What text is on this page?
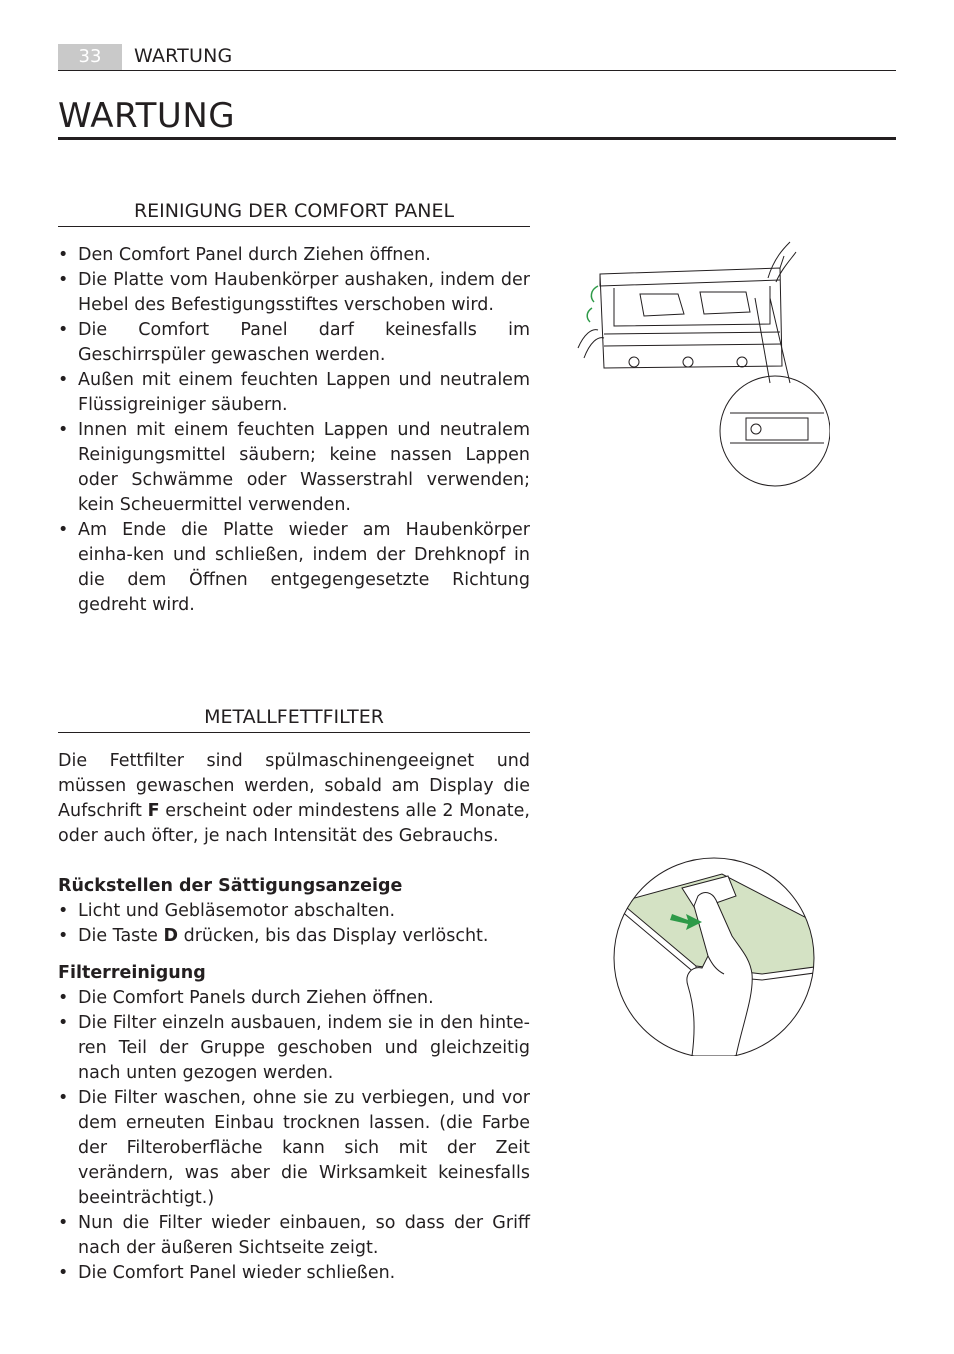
33	WARTUNG
WARTUNG
REINIGUNG DER COMFORT PANEL
• Den Comfort Panel durch Ziehen öffnen.
• Die Platte vom Haubenkörper aushaken, indem der Hebel des Befestigungsstiftes verschoben wird.
• Die Comfort Panel darf keinesfalls im Geschirrspüler gewaschen werden.
• Außen mit einem feuchten Lappen und neutralem Flüssigreiniger säubern.
• Innen mit einem feuchten Lappen und neutralem Reinigungsmittel säubern; keine nassen Lappen oder Schwämme oder Wasserstrahl verwenden; kein Scheuermittel verwenden.
• Am Ende die Platte wieder am Haubenkörper einha-ken und schließen, indem der Drehknopf in die dem Öffnen entgegengesetzte Richtung gedreht wird.
METALLFETTFILTER

Die Fettfilter sind spülmaschinengeeignet und müssen gewaschen werden, sobald am Display die Aufschrift F erscheint oder mindestens alle 2 Monate, oder auch öfter, je nach Intensität des Gebrauchs.

Rückstellen der Sättigungsanzeige
• Licht und Gebläsemotor abschalten.
• Die Taste D drücken, bis das Display verlöscht.
Filterreinigung
• Die Comfort Panels durch Ziehen öffnen.
• Die Filter einzeln ausbauen, indem sie in den hinte-ren Teil der Gruppe geschoben und gleichzeitig nach unten gezogen werden.
• Die Filter waschen, ohne sie zu verbiegen, und vor dem erneuten Einbau trocknen lassen. (die Farbe der Filteroberfläche kann sich mit der Zeit verändern, was aber die Wirksamkeit keinesfalls beeinträchtigt.)
• Nun die Filter wieder einbauen, so dass der Griff nach der äußeren Sichtseite zeigt.
• Die Comfort Panel wieder schließen.
